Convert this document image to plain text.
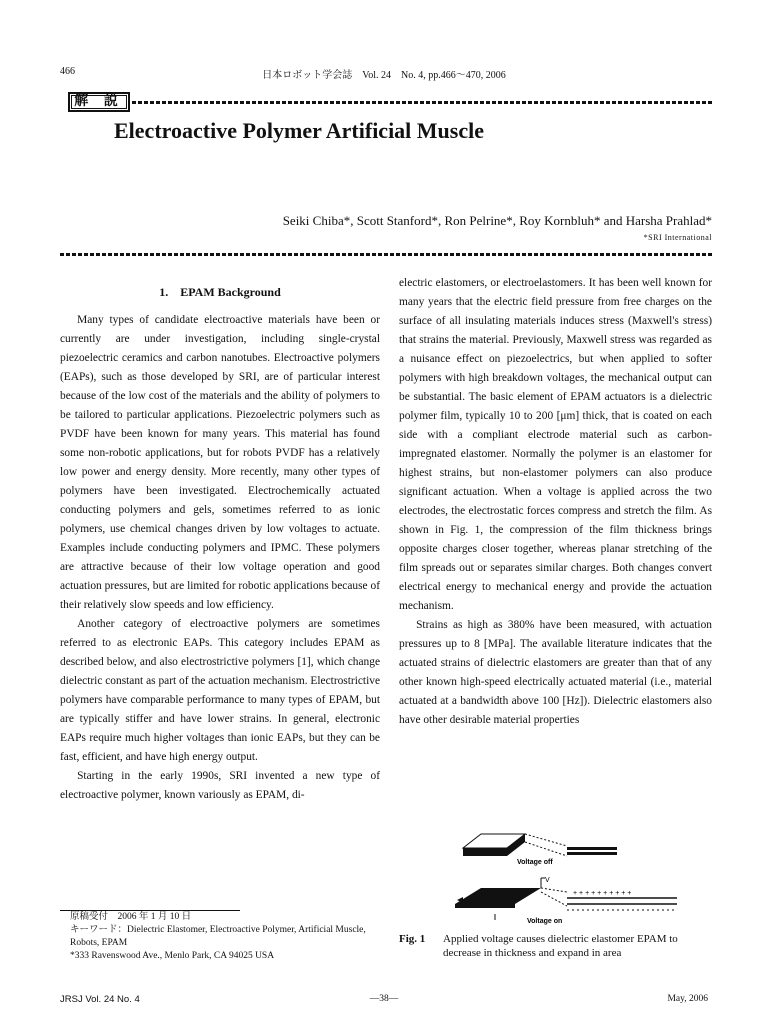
466	日本ロボット学会誌　Vol. 24　No. 4, pp.466～470, 2006
解 説
Electroactive Polymer Artificial Muscle
Seiki Chiba*, Scott Stanford*, Ron Pelrine*, Roy Kornbluh* and Harsha Prahlad*
*SRI International
1.　EPAM Background

Many types of candidate electroactive materials have been or currently are under investigation, including single-crystal piezoelectric ceramics and carbon nanotubes. Electroactive polymers (EAPs), such as those developed by SRI, are of particular interest because of the low cost of the materials and the ability of polymers to be tailored to particular applications. Piezoelectric polymers such as PVDF have been known for many years. This material has found some non-robotic applications, but for robots PVDF has a relatively low power and energy density. More recently, many other types of polymers have been investigated. Electrochemically actuated conducting polymers and gels, sometimes referred to as ionic polymers, use chemical changes driven by low voltages to actuate. Examples include conducting polymers and IPMC. These polymers are attractive because of their low voltage operation and good actuation pressures, but are limited for robotic applications because of their relatively slow speeds and low efficiency.

Another category of electroactive polymers are sometimes referred to as electronic EAPs. This category includes EPAM as described below, and also electrostrictive polymers [1], which change dielectric constant as part of the actuation mechanism. Electrostrictive polymers have comparable performance to many types of EPAM, but are typically stiffer and have lower strains. In general, electronic EAPs require much higher voltages than ionic EAPs, but they can be fast, efficient, and have high energy output.

Starting in the early 1990s, SRI invented a new type of electroactive polymer, known variously as EPAM, di-

electric elastomers, or electroelastomers. It has been well known for many years that the electric field pressure from free charges on the surface of all insulating materials induces stress (Maxwell's stress) that strains the material. Previously, Maxwell stress was regarded as a nuisance effect on piezoelectrics, but when applied to softer polymers with high breakdown voltages, the mechanical output can be substantial. The basic element of EPAM actuators is a dielectric polymer film, typically 10 to 200 [μm] thick, that is coated on each side with a compliant electrode material such as carbon-impregnated elastomer. Normally the polymer is an elastomer for highest strains, but non-elastomer polymers can also produce significant actuation. When a voltage is applied across the two electrodes, the electrostatic forces compress and stretch the film. As shown in Fig. 1, the compression of the film thickness brings opposite charges closer together, whereas planar stretching of the film spreads out or separates similar charges. Both changes convert electrical energy to mechanical energy and provide the actuation mechanism.

Strains as high as 380% have been measured, with actuation pressures up to 8 [MPa]. The available literature indicates that the actuated strains of dielectric elastomers are greater than that of any other known high-speed electrically actuated material (i.e., material actuated at a bandwidth above 100 [Hz]). Dielectric elastomers also have other desirable material properties

Voltage off
V
+ + + + + + + + + +
Voltage on
Fig. 1 Applied voltage causes dielectric elastomer EPAM to decrease in thickness and expand in area
原稿受付　2006 年 1 月 10 日
キーワード：Dielectric Elastomer, Electroactive Polymer, Artificial Muscle, Robots, EPAM
*333 Ravenswood Ave., Menlo Park, CA 94025 USA
JRSJ Vol. 24 No. 4	—38—	May, 2006
